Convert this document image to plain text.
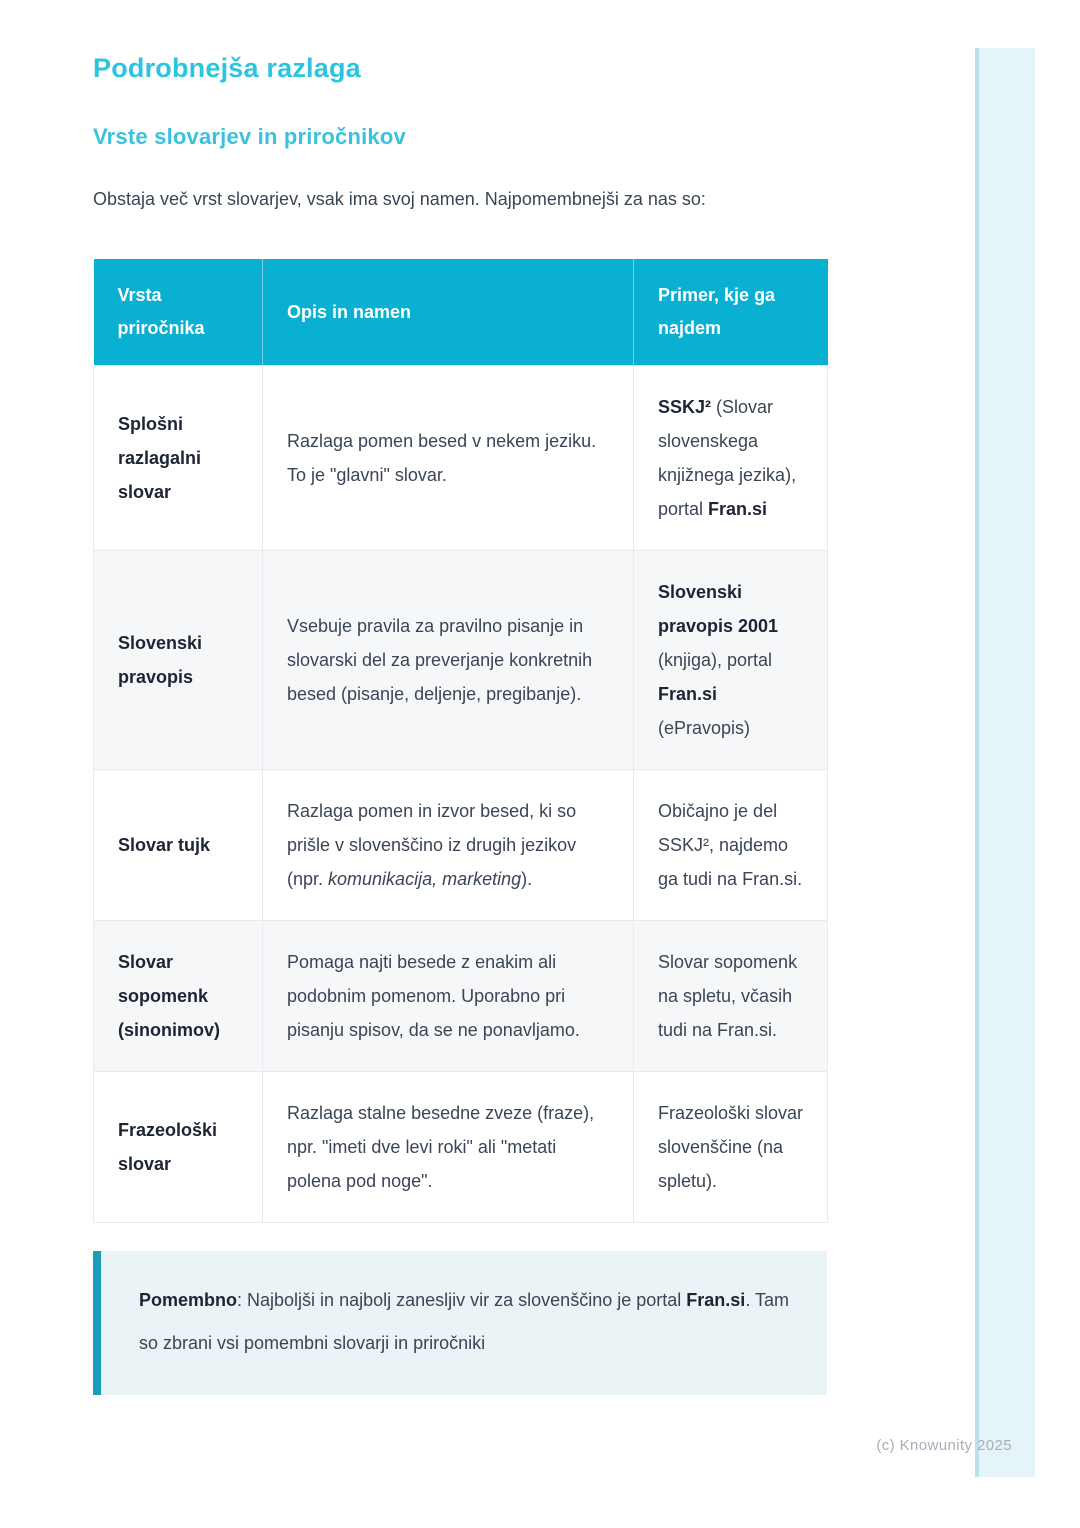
(c) Knowunity 2025
Podrobnejša razlaga
Vrste slovarjev in priročnikov

Obstaja več vrst slovarjev, vsak ima svoj namen. Najpomembnejši za nas so:

Vrsta priročnika	Opis in namen	Primer, kje ga najdem
Splošni razlagalni slovar	Razlaga pomen besed v nekem jeziku. To je "glavni" slovar.	SSKJ² (Slovar slovenskega knjižnega jezika), portal Fran.si
Slovenski pravopis	Vsebuje pravila za pravilno pisanje in slovarski del za preverjanje konkretnih besed (pisanje, deljenje, pregibanje).	Slovenski pravopis 2001 (knjiga), portal Fran.si (ePravopis)
Slovar tujk	Razlaga pomen in izvor besed, ki so prišle v slovenščino iz drugih jezikov (npr. komunikacija, marketing).	Običajno je del SSKJ², najdemo ga tudi na Fran.si.
Slovar sopomenk (sinonimov)	Pomaga najti besede z enakim ali podobnim pomenom. Uporabno pri pisanju spisov, da se ne ponavljamo.	Slovar sopomenk na spletu, včasih tudi na Fran.si.
Frazeološki slovar	Razlaga stalne besedne zveze (fraze), npr. "imeti dve levi roki" ali "metati polena pod noge".	Frazeološki slovar slovenščine (na spletu).

Pomembno: Najboljši in najbolj zanesljiv vir za slovenščino je portal Fran.si. Tam so zbrani vsi pomembni slovarji in priročniki
